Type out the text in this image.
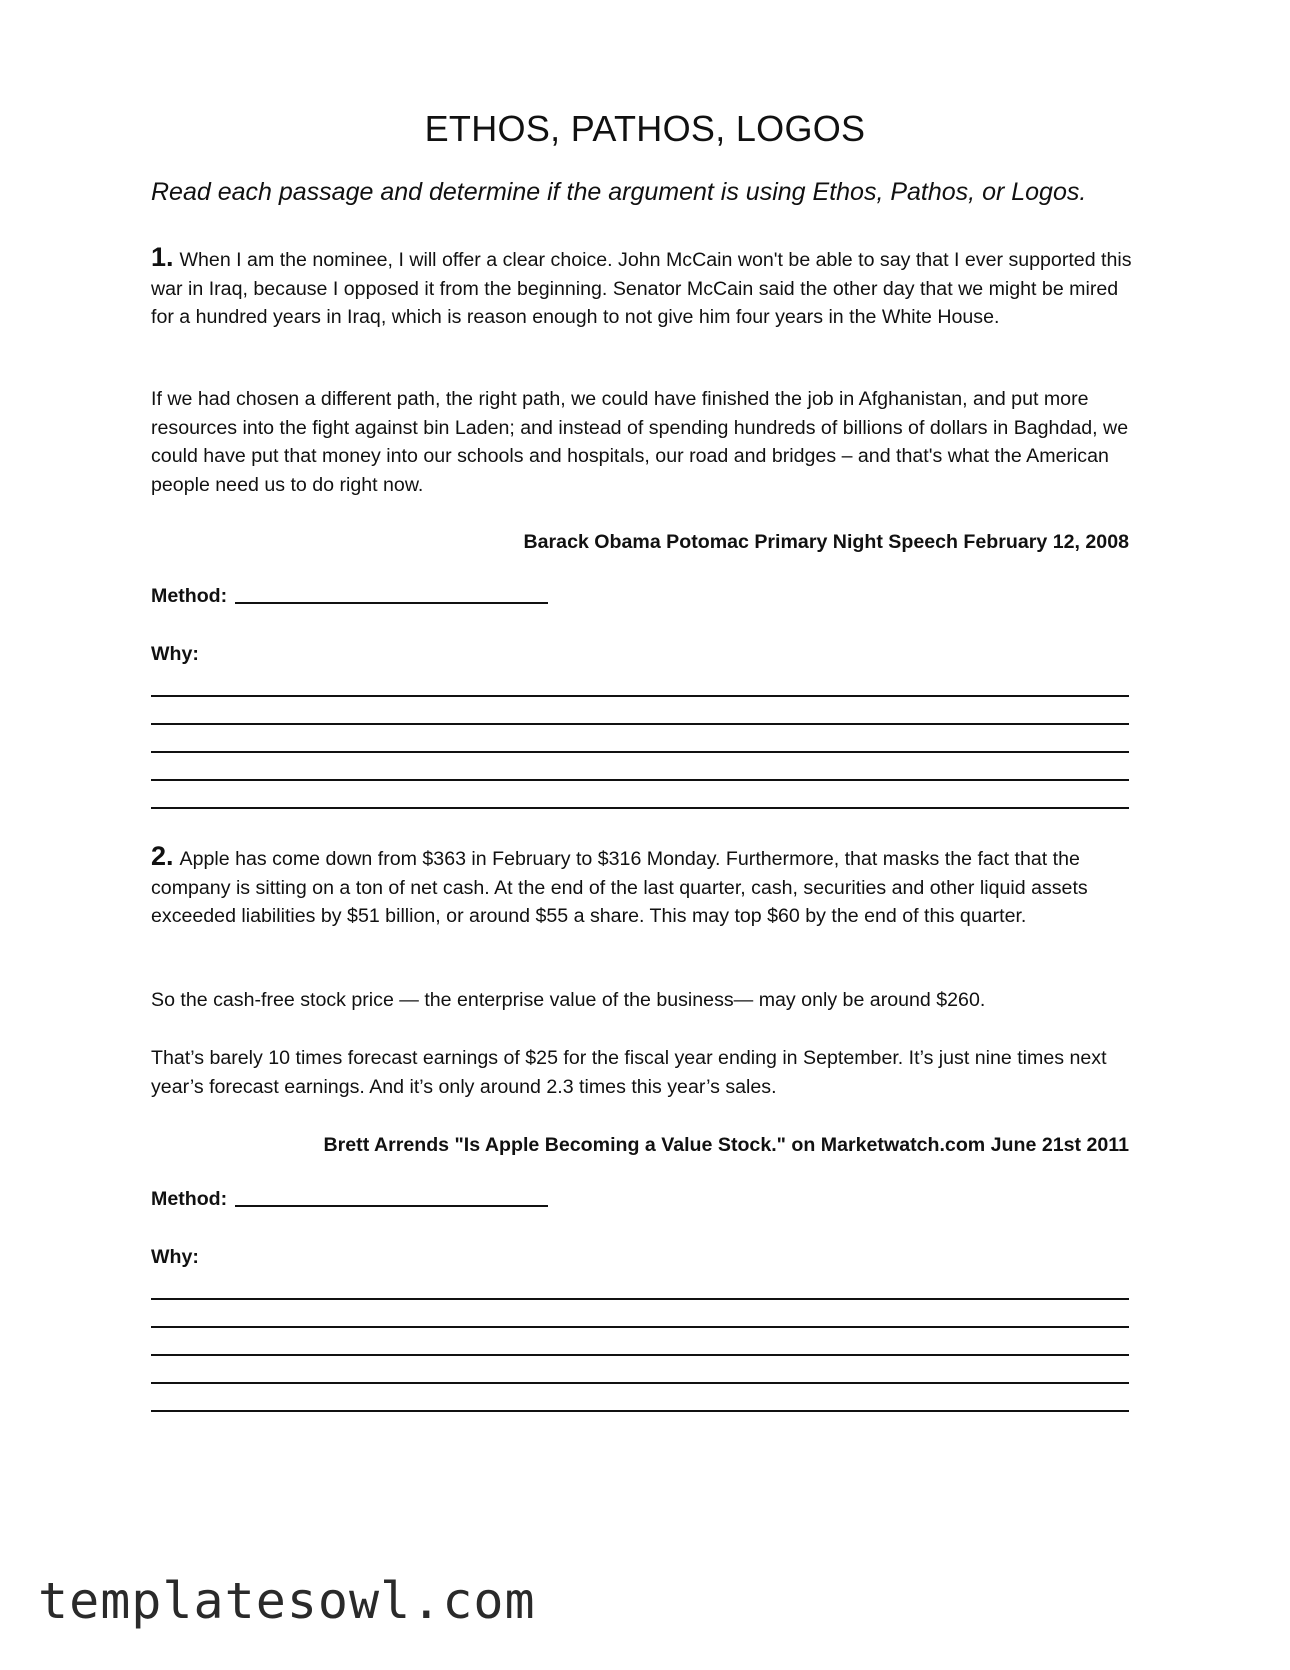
ETHOS, PATHOS, LOGOS

Read each passage and determine if the argument is using Ethos, Pathos, or Logos.

1. When I am the nominee, I will offer a clear choice. John McCain won't be able to say that I ever supported this war in Iraq, because I opposed it from the beginning. Senator McCain said the other day that we might be mired for a hundred years in Iraq, which is reason enough to not give him four years in the White House.

If we had chosen a different path, the right path, we could have finished the job in Afghanistan, and put more resources into the fight against bin Laden; and instead of spending hundreds of billions of dollars in Baghdad, we could have put that money into our schools and hospitals, our road and bridges – and that's what the American people need us to do right now.

Barack Obama Potomac Primary Night Speech February 12, 2008

Method:
Why:

2. Apple has come down from $363 in February to $316 Monday. Furthermore, that masks the fact that the company is sitting on a ton of net cash. At the end of the last quarter, cash, securities and other liquid assets exceeded liabilities by $51 billion, or around $55 a share. This may top $60 by the end of this quarter.

So the cash-free stock price — the enterprise value of the business— may only be around $260.

That’s barely 10 times forecast earnings of $25 for the fiscal year ending in September. It’s just nine times next year’s forecast earnings. And it’s only around 2.3 times this year’s sales.

Brett Arrends "Is Apple Becoming a Value Stock." on Marketwatch.com June 21st 2011

Method:
Why:
templatesowl.com
